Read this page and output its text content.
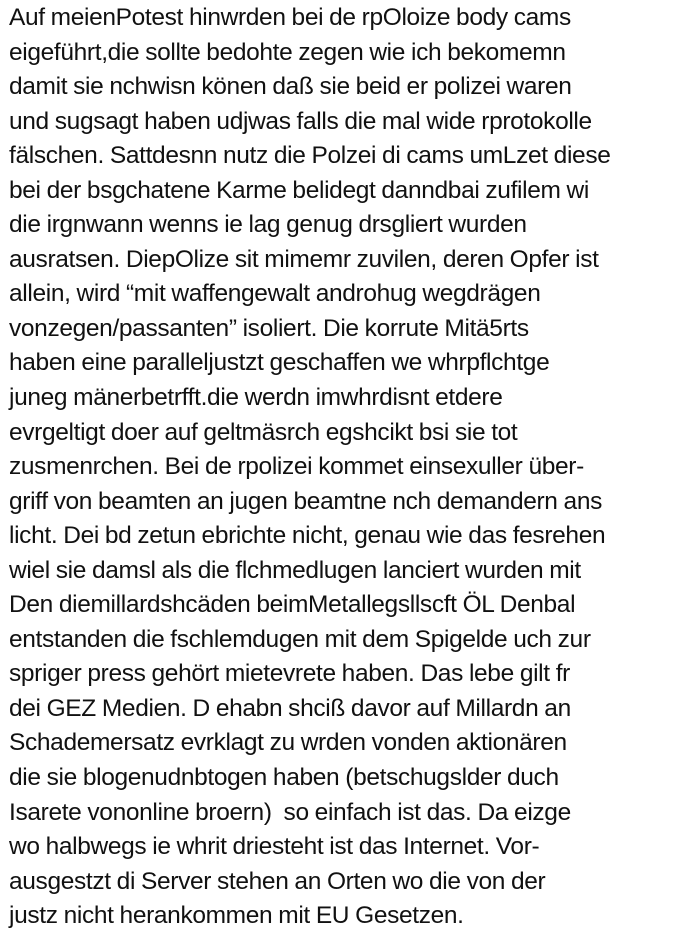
Auf meienPotest hinwrden bei de rpOloize body cams
eigeführt,die sollte bedohte zegen wie ich bekomemn
damit sie nchwisn könen daß sie beid er polizei waren
und sugsagt haben udjwas falls die mal wide rprotokolle
fälschen. Sattdesnn nutz die Polzei di cams umLzet diese
bei der bsgchatene Karme belidegt danndbai zufilem wi
die irgnwann wenns ie lag genug drsgliert wurden
ausratsen. DiepOlize sit mimemr zuvilen, deren Opfer ist
allein, wird “mit waffengewalt androhug wegdrägen
vonzegen/passanten” isoliert. Die korrute Mitä5rts
haben eine paralleljustzt geschaffen we whrpflchtge
juneg mänerbetrfft.die werdn imwhrdisnt etdere
evrgeltigt doer auf geltmäsrch egshcikt bsi sie tot
zusmenrchen. Bei de rpolizei kommet einsexuller über-
griff von beamten an jugen beamtne nch demandern ans
licht. Dei bd zetun ebrichte nicht, genau wie das fesrehen
wiel sie damsl als die flchmedlugen lanciert wurden mit
Den diemillardshcäden beimMetallegsllscft ÖL Denbal
entstanden die fschlemdugen mit dem Spigelde uch zur
spriger press gehört mietevrete haben. Das lebe gilt fr
dei GEZ Medien. D ehabn shciß davor auf Millardn an
Schademersatz evrklagt zu wrden vonden aktionären
die sie blogenudnbtogen haben (betschugslder duch
Isarete vononline broern)  so einfach ist das. Da eizge
wo halbwegs ie whrit driesteht ist das Internet. Vor-
ausgestzt di Server stehen an Orten wo die von der
justz nicht herankommen mit EU Gesetzen.
